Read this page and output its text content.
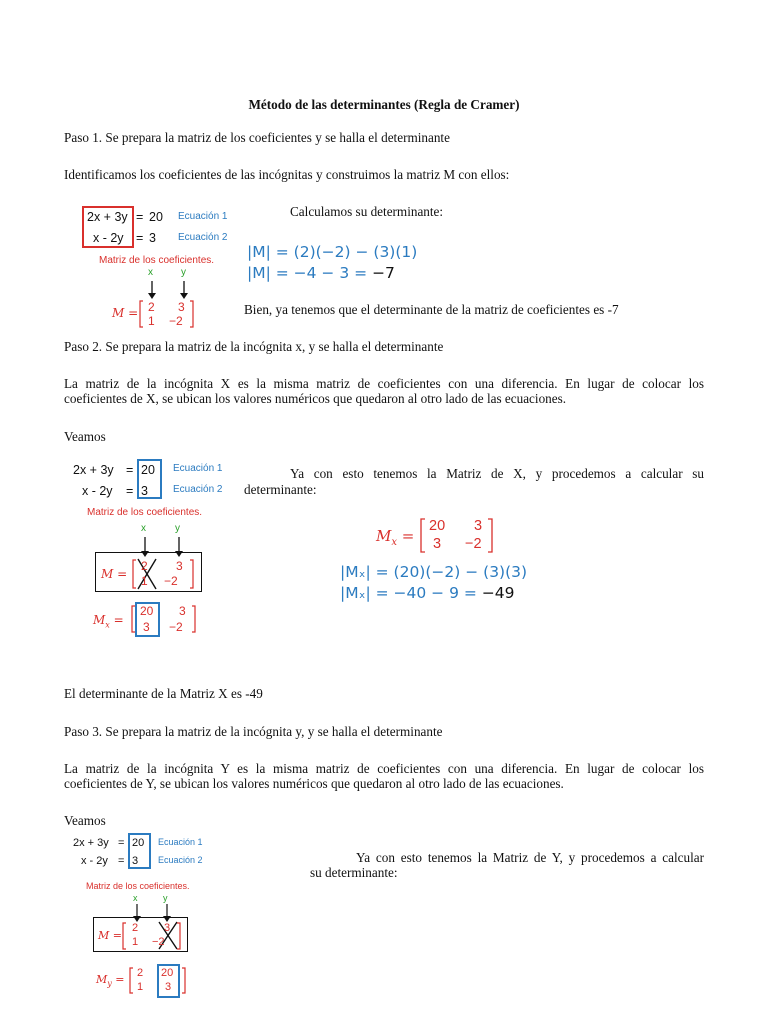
Método de las determinantes (Regla de Cramer)
Paso 1. Se prepara la matriz de los coeficientes y se halla el determinante
Identificamos los coeficientes de las incógnitas y construimos la matriz M con ellos:
2x + 3y = 20 Ecuación 1
x - 2y = 3 Ecuación 2
Matriz de los coeficientes.
x	y
M = 2 3
1 −2
Calculamos su determinante:
|M| = (2)(−2) − (3)(1)
|M| = −4 − 3 = −7
Bien, ya tenemos que el determinante de la matriz de coeficientes es -7
Paso 2. Se prepara la matriz de la incógnita x, y se halla el determinante
La matriz de la incógnita X es la misma matriz de coeficientes con una diferencia. En lugar de colocar los
coeficientes de X, se ubican los valores numéricos que quedaron al otro lado de las ecuaciones.
Veamos
2x + 3y = 20 Ecuación 1
x - 2y = 3	Ecuación 2
Matriz de los coeficientes.
x	y
M =
2 3
1 −2
$M_x$ =
20 3
3 −2
Ya con esto tenemos la Matriz de X, y procedemos a calcular su
determinante:
$M_x$ =
20 3
3 −2
|Mₓ| = (20)(−2) − (3)(3)
|Mₓ| = −40 − 9 = −49
El determinante de la Matriz X es -49
Paso 3. Se prepara la matriz de la incógnita y, y se halla el determinante
La matriz de la incógnita Y es la misma matriz de coeficientes con una diferencia. En lugar de colocar los
coeficientes de Y, se ubican los valores numéricos que quedaron al otro lado de las ecuaciones.
Veamos
2x + 3y = 20 Ecuación 1
x - 2y = 3 Ecuación 2
Matriz de los coeficientes.
x	y
M =
2 3
1 −2
$M_y = 2$ 20
1 3
Ya con esto tenemos la Matriz de Y, y procedemos a calcular
su determinante:
